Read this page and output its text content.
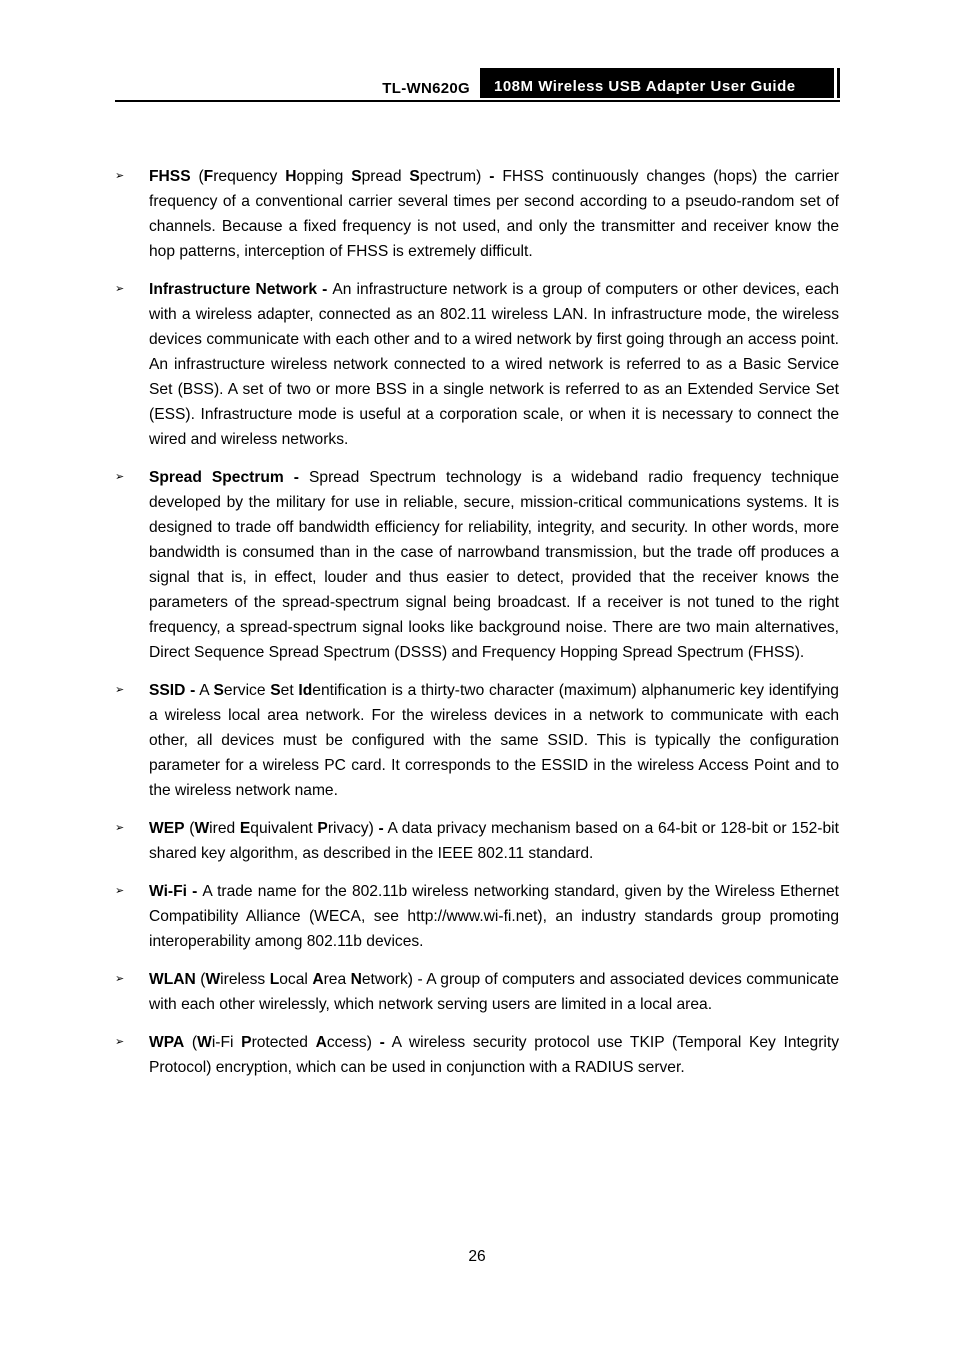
TL-WN620G	108M Wireless USB Adapter User Guide
➢ FHSS (Frequency Hopping Spread Spectrum) - FHSS continuously changes (hops) the carrier frequency of a conventional carrier several times per second according to a pseudo-random set of channels. Because a fixed frequency is not used, and only the transmitter and receiver know the hop patterns, interception of FHSS is extremely difficult.

➢ Infrastructure Network - An infrastructure network is a group of computers or other devices, each with a wireless adapter, connected as an 802.11 wireless LAN. In infrastructure mode, the wireless devices communicate with each other and to a wired network by first going through an access point. An infrastructure wireless network connected to a wired network is referred to as a Basic Service Set (BSS). A set of two or more BSS in a single network is referred to as an Extended Service Set (ESS). Infrastructure mode is useful at a corporation scale, or when it is necessary to connect the wired and wireless networks.

➢ Spread Spectrum - Spread Spectrum technology is a wideband radio frequency technique developed by the military for use in reliable, secure, mission-critical communications systems. It is designed to trade off bandwidth efficiency for reliability, integrity, and security. In other words, more bandwidth is consumed than in the case of narrowband transmission, but the trade off produces a signal that is, in effect, louder and thus easier to detect, provided that the receiver knows the parameters of the spread-spectrum signal being broadcast. If a receiver is not tuned to the right frequency, a spread-spectrum signal looks like background noise. There are two main alternatives, Direct Sequence Spread Spectrum (DSSS) and Frequency Hopping Spread Spectrum (FHSS).

➢ SSID - A Service Set Identification is a thirty-two character (maximum) alphanumeric key identifying a wireless local area network. For the wireless devices in a network to communicate with each other, all devices must be configured with the same SSID. This is typically the configuration parameter for a wireless PC card. It corresponds to the ESSID in the wireless Access Point and to the wireless network name.

➢ WEP (Wired Equivalent Privacy) - A data privacy mechanism based on a 64-bit or 128-bit or 152-bit shared key algorithm, as described in the IEEE 802.11 standard.

➢ Wi-Fi - A trade name for the 802.11b wireless networking standard, given by the Wireless Ethernet Compatibility Alliance (WECA, see http://www.wi-fi.net), an industry standards group promoting interoperability among 802.11b devices.

➢ WLAN (Wireless Local Area Network) - A group of computers and associated devices communicate with each other wirelessly, which network serving users are limited in a local area.

➢ WPA (Wi-Fi Protected Access) - A wireless security protocol use TKIP (Temporal Key Integrity Protocol) encryption, which can be used in conjunction with a RADIUS server.

26
